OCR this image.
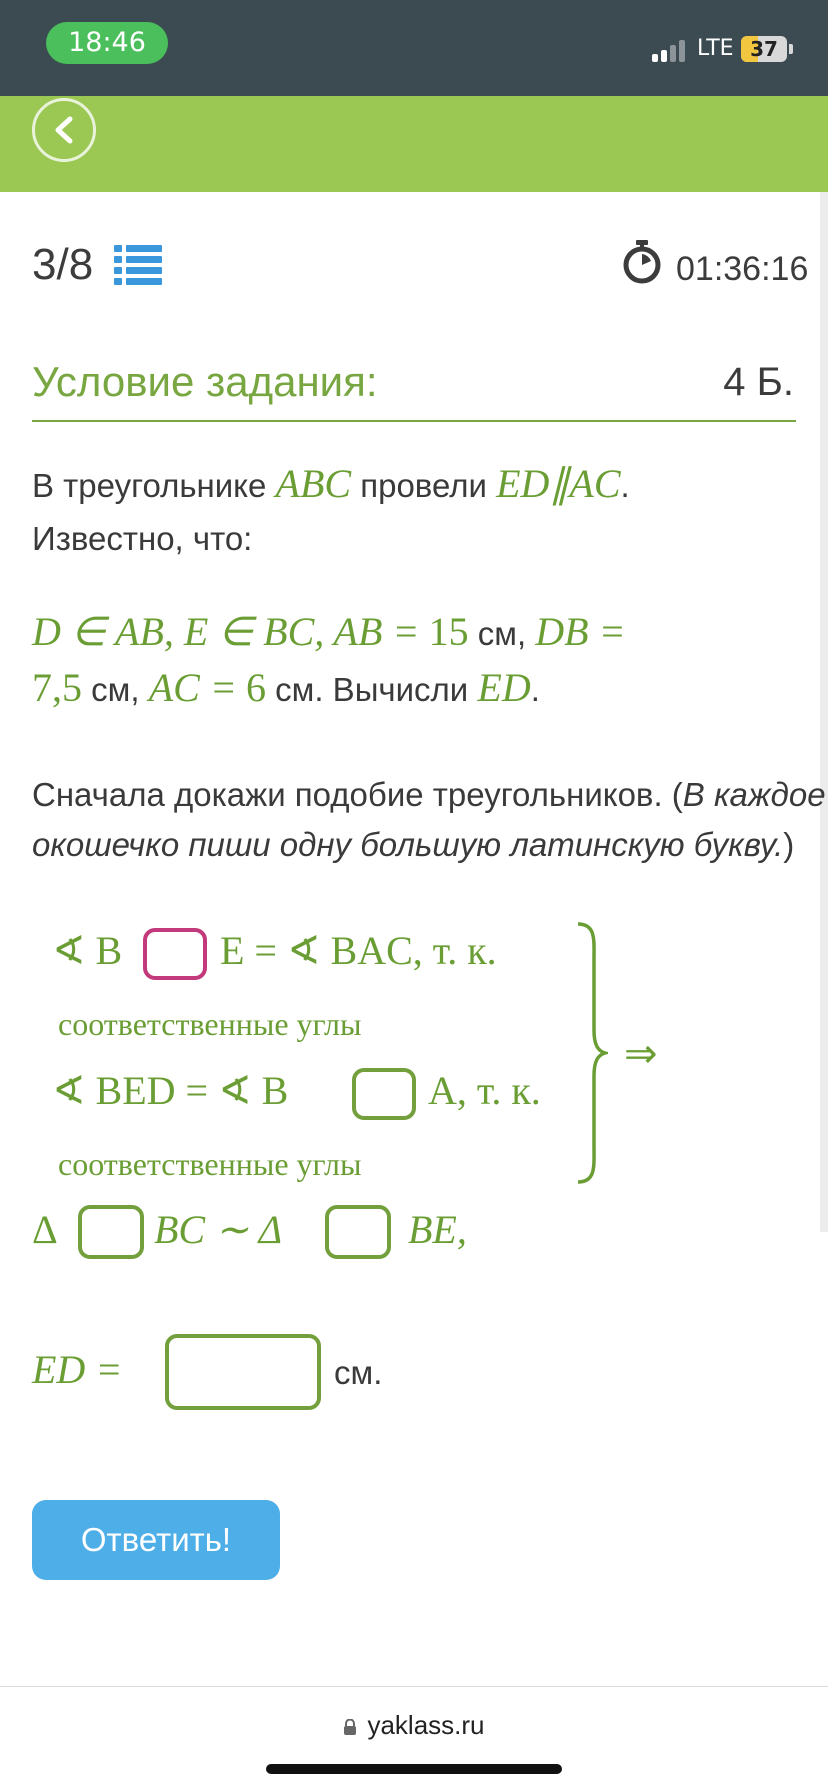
18:46	LTE 37
3/8	01:36:16
Условие задания:	4 Б.
В треугольнике ABC провели ED∥AC.
Известно, что:
D ∈ AB, E ∈ BC, AB = 15 см, DB =
7,5 см, AC = 6 см. Вычисли ED.
Сначала докажи подобие треугольников. (В каждое
окошечко пиши одну большую латинскую букву.)
∢ B E = ∢ BAC, т. к.
соответственные углы
∢ BED = ∢ B	A, т. к.
соответственные углы
⇒
Δ BC ∼ Δ	BE,
ED =	см.
Ответить!
yaklass.ru
